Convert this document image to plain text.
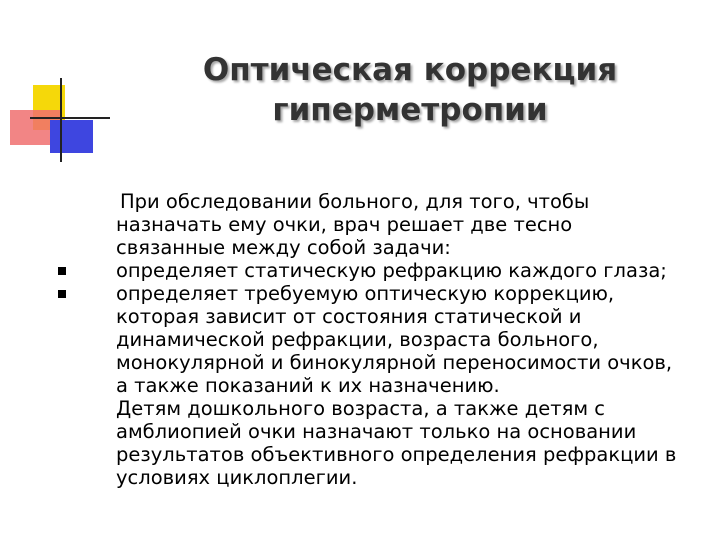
Оптическая коррекция
гиперметропии

При обследовании больного, для того, чтобы
назначать ему очки, врач решает две тесно
связанные между собой задачи:

определяет статическую рефракцию каждого глаза;

определяет требуемую оптическую коррекцию,
которая зависит от состояния статической и
динамической рефракции, возраста больного,
монокулярной и бинокулярной переносимости очков,
а также показаний к их назначению.

Детям дошкольного возраста, а также детям с
амблиопией очки назначают только на основании
результатов объективного определения рефракции в
условиях циклоплегии.
